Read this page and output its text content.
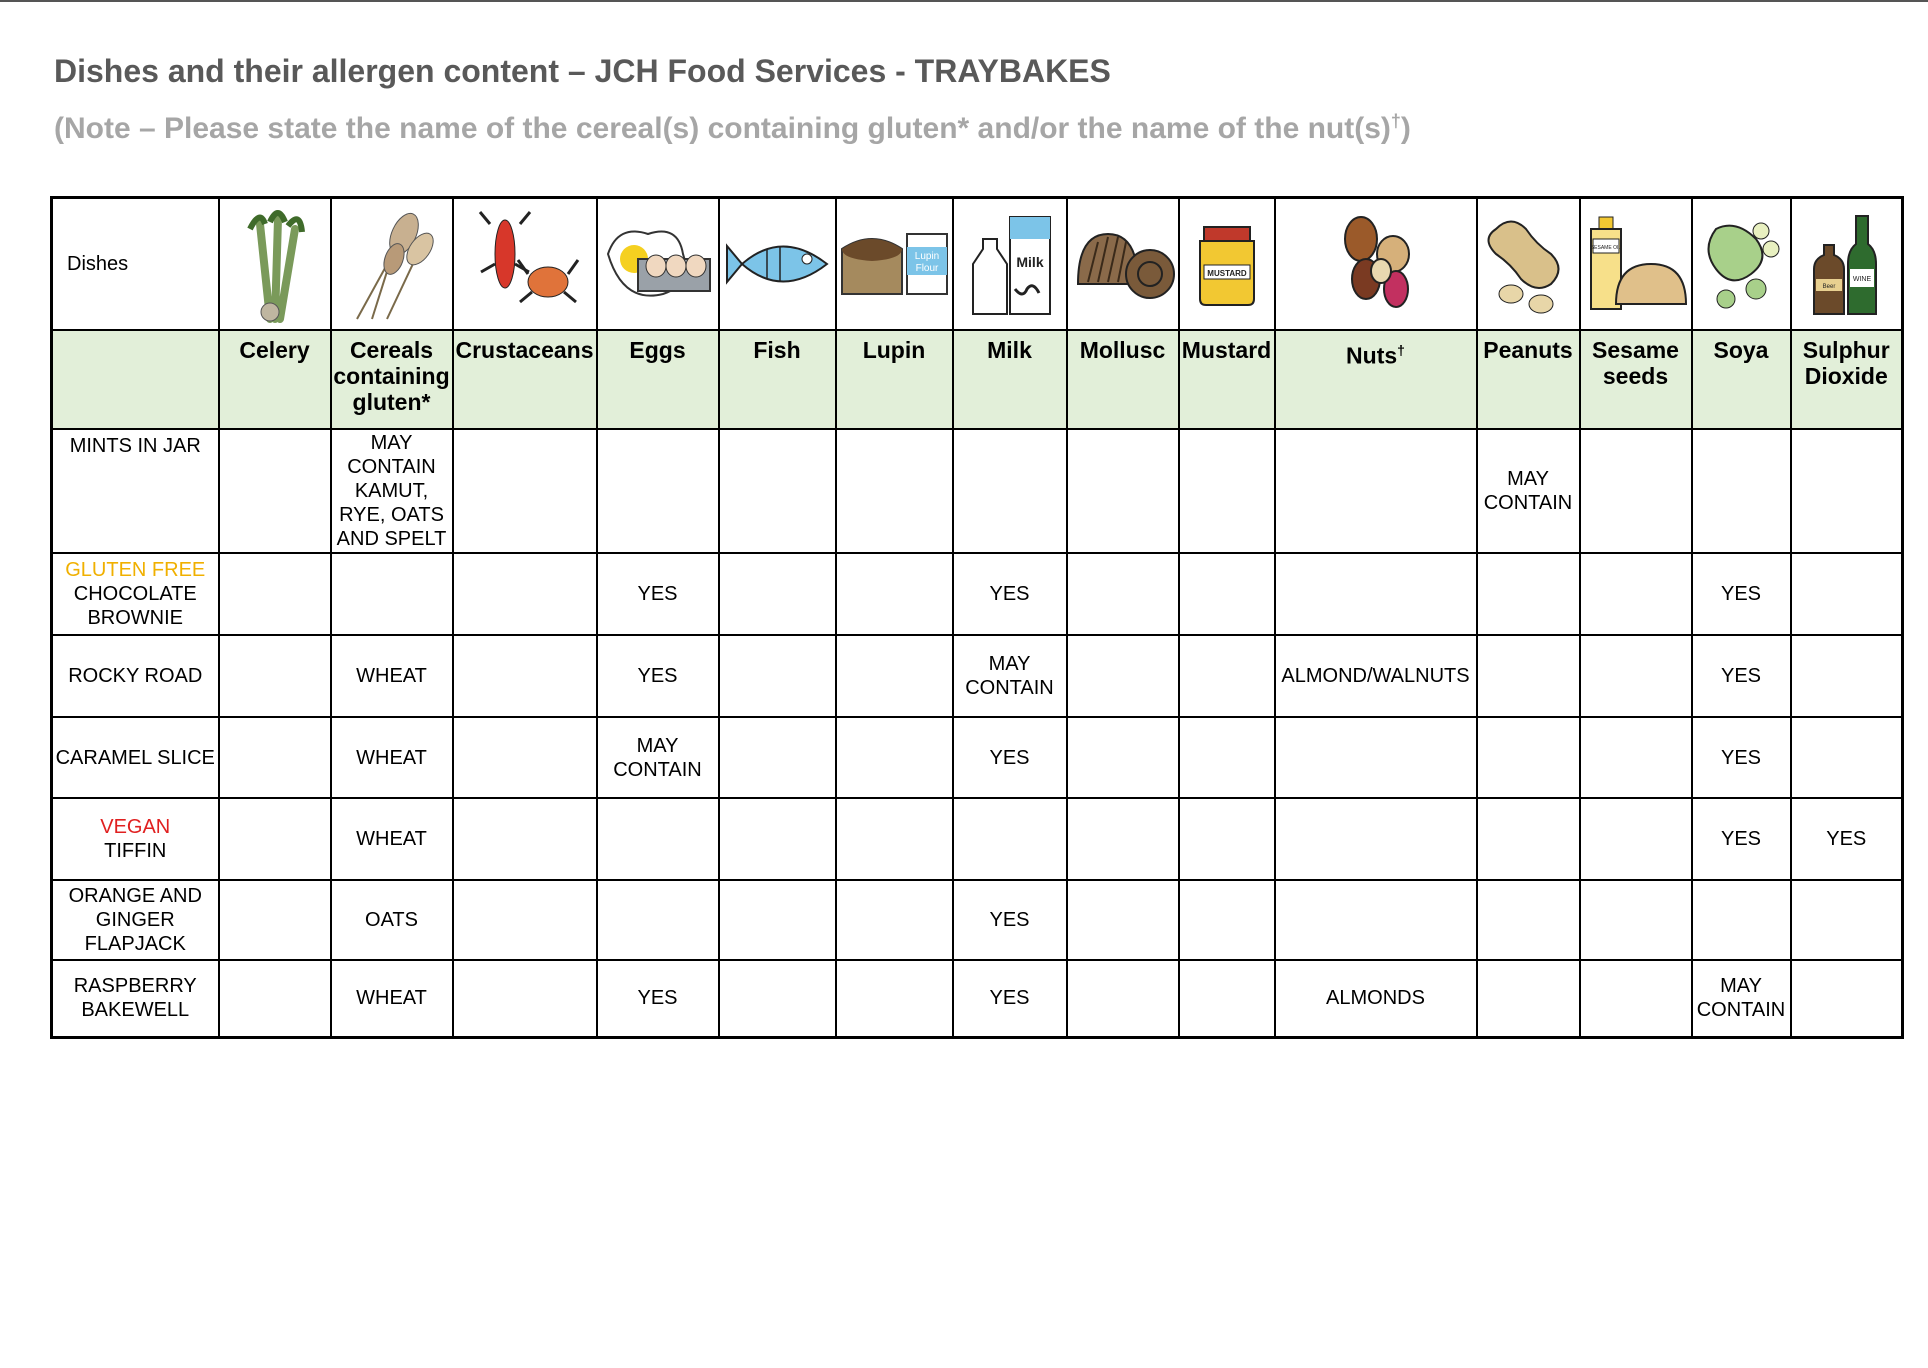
Dishes and their allergen content – JCH Food Services - TRAYBAKES
(Note – Please state the name of the cereal(s) containing gluten* and/or the name of the nut(s)†)
Dishes						Lupin
Flour	Milk		MUSTARD			SESAME OIL		Beer
WINE

	Celery	Cereals containing gluten*	Crustaceans	Eggs	Fish	Lupin	Milk	Mollusc	Mustard	Nuts†	Peanuts	Sesame seeds	Soya	Sulphur Dioxide
MINTS IN JAR		MAY CONTAIN KAMUT, RYE, OATS AND SPELT									MAY CONTAIN			

GLUTEN FREE
CHOCOLATE BROWNIE				YES			YES						YES	
ROCKY ROAD		WHEAT		YES			MAY CONTAIN			ALMOND/WALNUTS			YES	
CARAMEL SLICE		WHEAT		MAY CONTAIN			YES						YES	

VEGAN
TIFFIN		WHEAT											YES	YES
ORANGE AND GINGER FLAPJACK		OATS					YES							
RASPBERRY BAKEWELL		WHEAT		YES			YES			ALMONDS			MAY CONTAIN	
